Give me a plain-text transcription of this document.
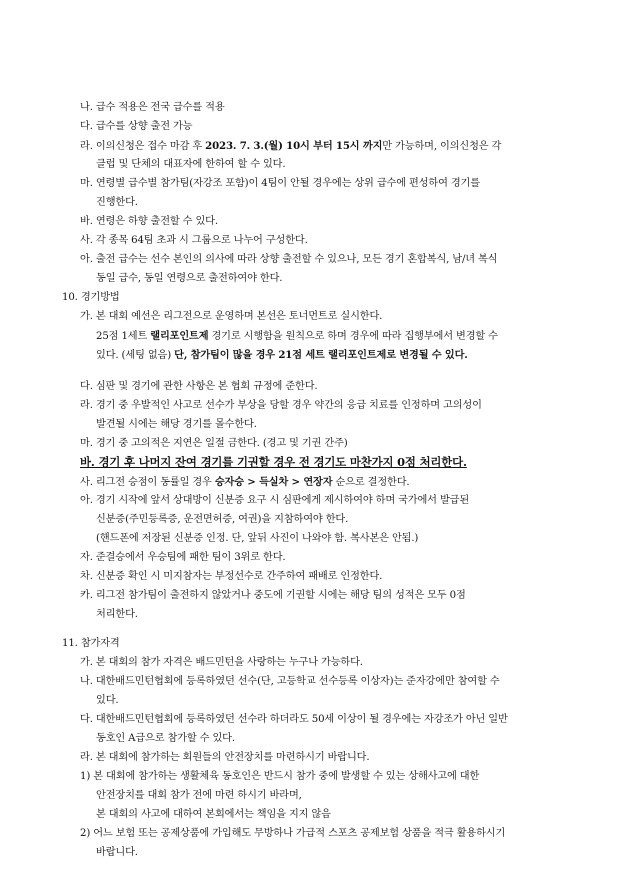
나. 급수 적용은 전국 급수를 적용
다. 급수를 상향 출전 가능
라. 이의신청은 접수 마감 후 2023. 7. 3.(월) 10시 부터 15시 까지만 가능하며, 이의신청은 각
클럽 및 단체의 대표자에 한하여 할 수 있다.
마. 연령별 급수별 참가팀(자강조 포함)이 4팀이 안될 경우에는 상위 급수에 편성하여 경기를
진행한다.
바. 연령은 하향 출전할 수 있다.
사. 각 종목 64팀 초과 시 그룹으로 나누어 구성한다.
아. 출전 급수는 선수 본인의 의사에 따라 상향 출전할 수 있으나, 모든 경기 혼합복식, 남/녀 복식
동일 급수, 동일 연령으로 출전하여야 한다.
10. 경기방법
가. 본 대회 예선은 리그전으로 운영하며 본선은 토너먼트로 실시한다.
25점 1세트 랠리포인트제 경기로 시행함을 원칙으로 하며 경우에 따라 집행부에서 변경할 수
있다. (세팅 없음) 단, 참가팀이 많을 경우 21점 세트 랠리포인트제로 변경될 수 있다.
다. 심판 및 경기에 관한 사항은 본 협회 규정에 준한다.
라. 경기 중 우발적인 사고로 선수가 부상을 당할 경우 약간의 응급 치료를 인정하며 고의성이
발견될 시에는 해당 경기를 몰수한다.
마. 경기 중 고의적은 지연은 일절 금한다. (경고 및 기권 간주)
바. 경기 후 나머지 잔여 경기를 기권할 경우 전 경기도 마찬가지 0점 처리한다.
사. 리그전 승점이 동률일 경우 승자승 > 득실차 > 연장자 순으로 결정한다.
아. 경기 시작에 앞서 상대방이 신분증 요구 시 심판에게 제시하여야 하며 국가에서 발급된
신분증(주민등록증, 운전면허증, 여권)을 지참하여야 한다.
(핸드폰에 저장된 신분증 인정. 단, 앞뒤 사진이 나와야 함. 복사본은 안됨.)
자. 준결승에서 우승팀에 패한 팀이 3위로 한다.
차. 신분증 확인 시 미지참자는 부정선수로 간주하여 패배로 인정한다.
카. 리그전 참가팀이 출전하지 않았거나 중도에 기권할 시에는 해당 팀의 성적은 모두 0점
처리한다.
11. 참가자격
가. 본 대회의 참가 자격은 배드민턴을 사랑하는 누구나 가능하다.
나. 대한배드민턴협회에 등록하였던 선수(단, 고등학교 선수등록 이상자)는 준자강에만 참여할 수
있다.
다. 대한배드민턴협회에 등록하였던 선수라 하더라도 50세 이상이 될 경우에는 자강조가 아닌 일반
동호인 A급으로 참가할 수 있다.
라. 본 대회에 참가하는 회원들의 안전장치를 마련하시기 바랍니다.
1) 본 대회에 참가하는 생활체육 동호인은 반드시 참가 중에 발생할 수 있는 상해사고에 대한
안전장치를 대회 참가 전에 마련 하시기 바라며,
본 대회의 사고에 대하여 본회에서는 책임을 지지 않음
2) 어느 보험 또는 공제상품에 가입해도 무방하나 가급적 스포츠 공제보험 상품을 적극 활용하시기
바랍니다.
